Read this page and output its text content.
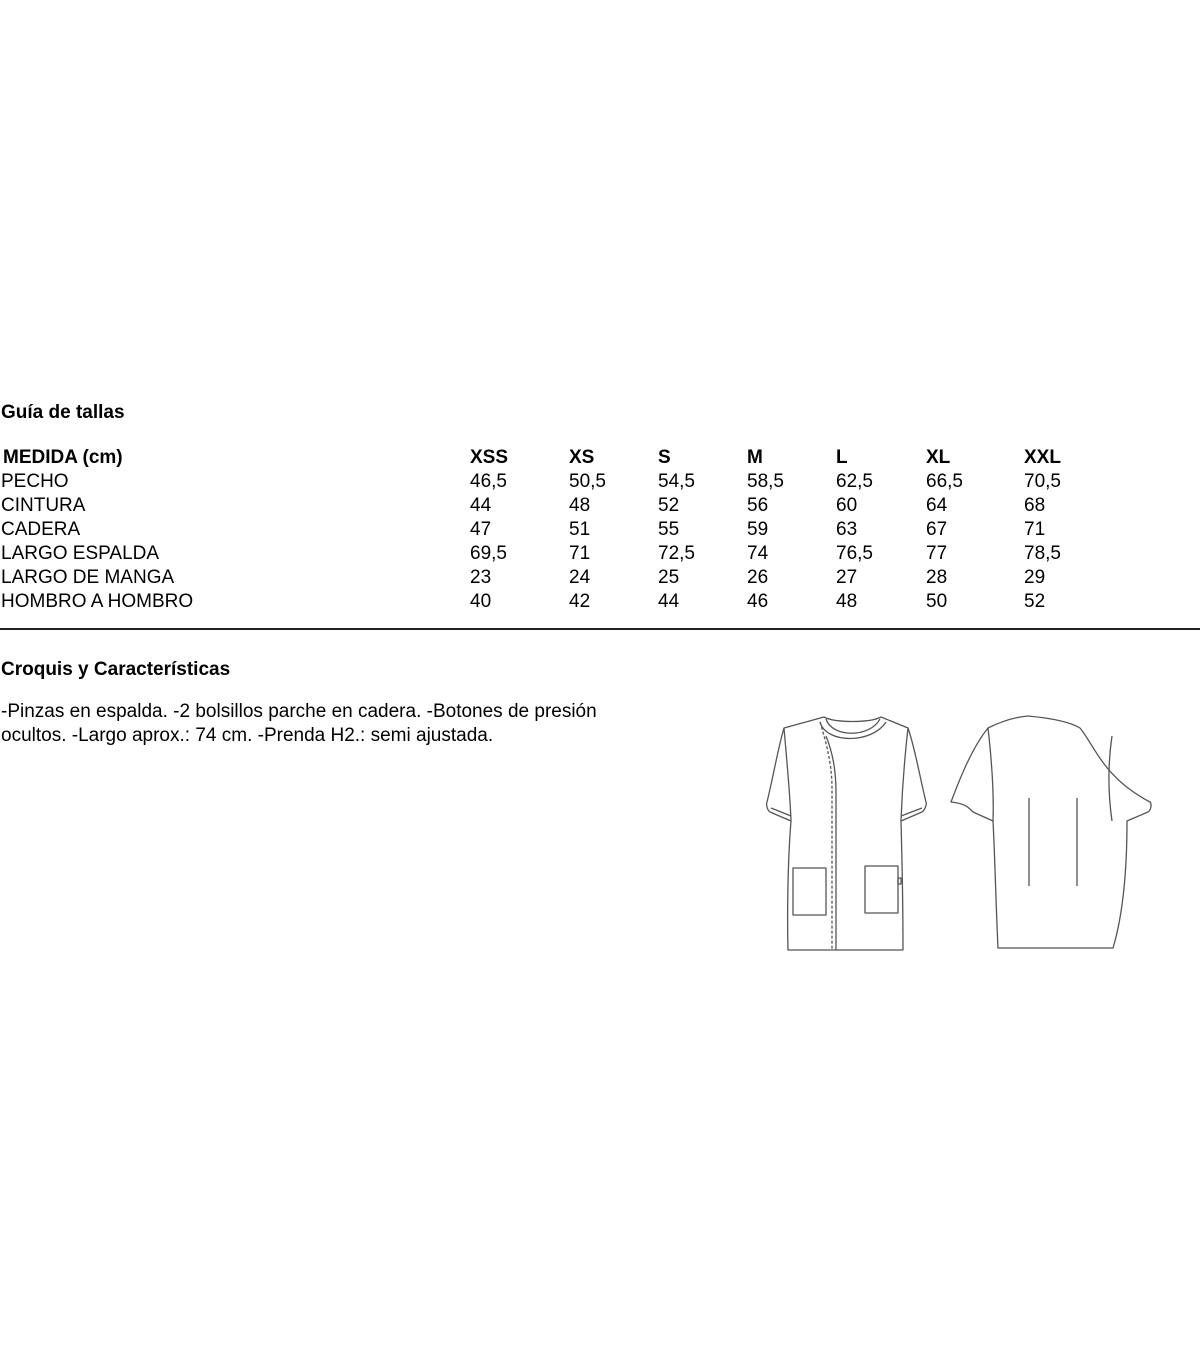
Guía de tallas
MEDIDA (cm)	XSS	XS	S	M	L	XL	XXL
PECHO	46,5	50,5	54,5	58,5	62,5	66,5	70,5
CINTURA	44	48	52	56	60	64	68
CADERA	47	51	55	59	63	67	71
LARGO ESPALDA	69,5	71	72,5	74	76,5	77	78,5
LARGO DE MANGA	23	24	25	26	27	28	29
HOMBRO A HOMBRO	40	42	44	46	48	50	52
Croquis y Características

-Pinzas en espalda. -2 bolsillos parche en cadera. -Botones de presión ocultos. -Largo aprox.: 74 cm. -Prenda H2.: semi ajustada.
